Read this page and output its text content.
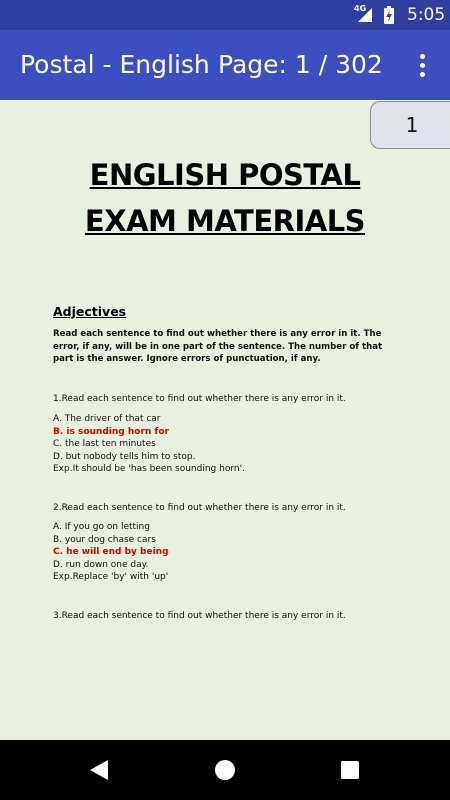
4G 5:05
Postal - English Page: 1 / 302
1
ENGLISH POSTAL
EXAM MATERIALS
Adjectives
Read each sentence to find out whether there is any error in it. The error, if any, will be in one part of the sentence. The number of that part is the answer. Ignore errors of punctuation, if any.
1.Read each sentence to find out whether there is any error in it.
A. The driver of that car
B. is sounding horn for
C. the last ten minutes
D. but nobody tells him to stop.
Exp.It should be 'has been sounding horn'.
2.Read each sentence to find out whether there is any error in it.
A. If you go on letting
B. your dog chase cars
C. he will end by being
D. run down one day.
Exp.Replace 'by' with 'up'
3.Read each sentence to find out whether there is any error in it.
